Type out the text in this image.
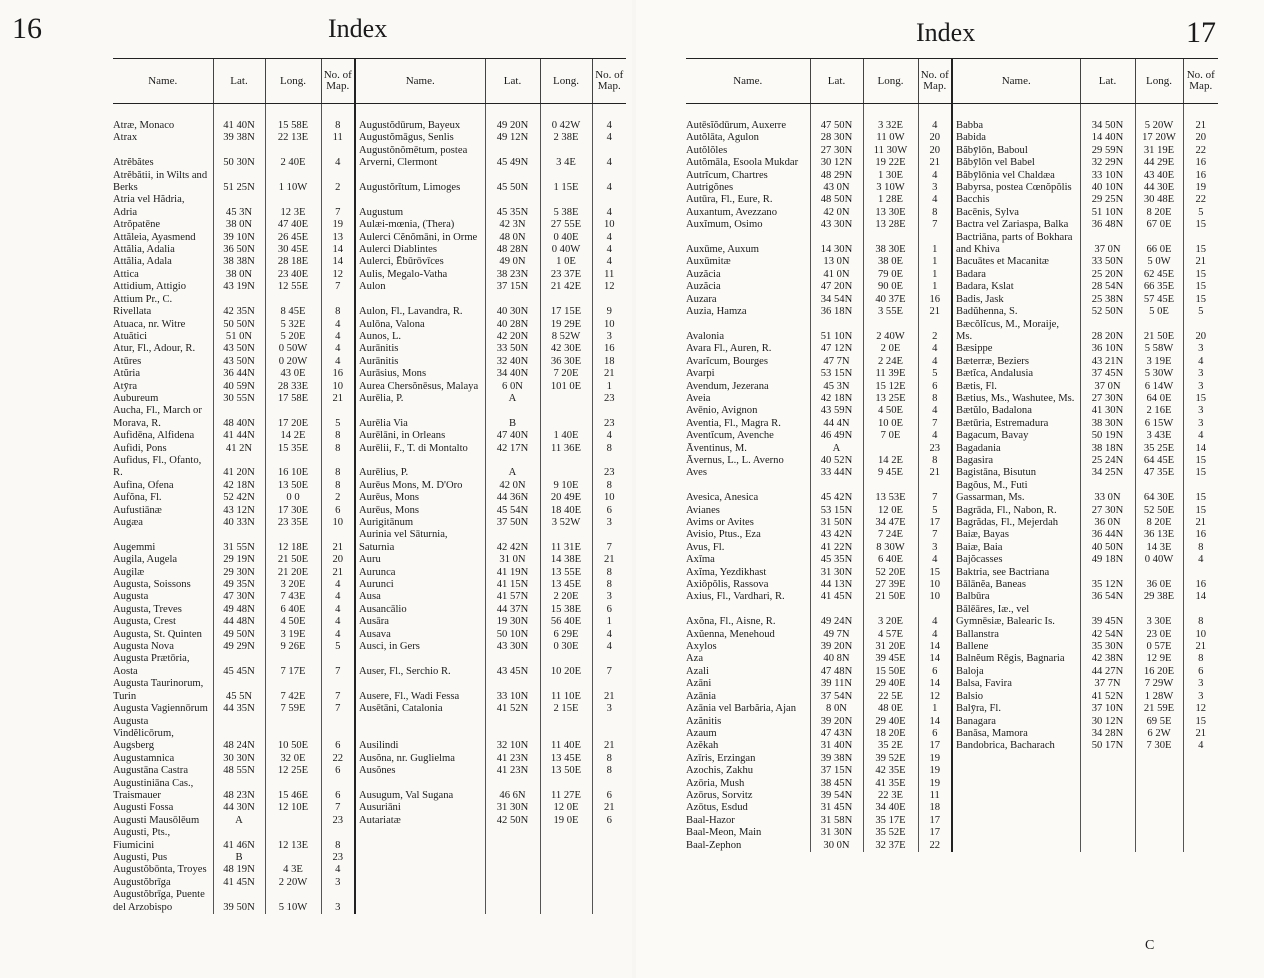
16	Index
Name.	Lat.	Long.	No. of Map.	Name.	Lat.	Long.	No. of Map.

Atræ, Monaco	41 40N	15 58E	8	Augustŏdūrum, Bayeux	49 20N	0 42W	4
Atrax	39 38N	22 13E	11	Augustŏmāgus, Senlis	49 12N	2 38E	4
Atrĕbătes	50 30N	2 40E	4	Augustŏnŏmētum, postea Arverni, Clermont	45 49N	3 4E	4
Atrĕbătii, in Wilts and Berks	51 25N	1 10W	2	Augustŏrĭtum, Limoges	45 50N	1 15E	4
Atria vel Hădria, Adria	45 3N	12 3E	7	Augustum	45 35N	5 38E	4
Atrŏpatēne	38 0N	47 40E	19	Aulæi-mœnia, (Thera)	42 3N	27 55E	10
Attăleia, Ayasmend	39 10N	26 45E	13	Aulerci Cĕnŏmāni, in Orme	48 0N	0 40E	4
Attălia, Adalia	36 50N	30 45E	14	Aulerci Diablintes	48 28N	0 40W	4
Attălia, Adala	38 38N	28 18E	14	Aulerci, Ēbūrōvīces	49 0N	1 0E	4
Attica	38 0N	23 40E	12	Aulis, Megalo-Vatha	38 23N	23 37E	11
Attidium, Attigio	43 19N	12 55E	7	Aulon	37 15N	21 42E	12
Attium Pr., C. Rivellata	42 35N	8 45E	8	Aulon, Fl., Lavandra, R.	40 30N	17 15E	9
Atuaca, nr. Witre	50 50N	5 32E	4	Aulōna, Valona	40 28N	19 29E	10
Atuătici	51 0N	5 20E	4	Aunos, L.	42 20N	8 52W	3
Atur, Fl., Adour, R.	43 50N	0 50W	4	Aurānitis	33 50N	42 30E	16
Atūres	43 50N	0 20W	4	Aurānitis	32 40N	36 30E	18
Atŭria	36 44N	43 0E	16	Aurāsius, Mons	34 40N	7 20E	21
Atȳra	40 59N	28 33E	10	Aurea Chersŏnēsus, Malaya	6 0N	101 0E	1
Aubureum	30 55N	17 58E	21	Aurēlia, P.	A		23
Aucha, Fl., March or Morava, R.	48 40N	17 20E	5	Aurēlia Via	B		23
Aufidēna, Alfidena	41 44N	14 2E	8	Aurēlāni, in Orleans	47 40N	1 40E	4
Aufidi, Pons	41 2N	15 35E	8	Aurēlii, F., T. di Montalto	42 17N	11 36E	8
Aufidus, Fl., Ofanto, R.	41 20N	16 10E	8	Aurēlius, P.	A		23
Aufina, Ofena	42 18N	13 50E	8	Aurēus Mons, M. D'Oro	42 0N	9 10E	8
Aufŏna, Fl.	52 42N	0 0	2	Aurēus, Mons	44 36N	20 49E	10
Aufustiānæ	43 12N	17 30E	6	Aurēus, Mons	45 54N	18 40E	6
Augæa	40 33N	23 35E	10	Aurigitānum	37 50N	3 52W	3
Augemmi	31 55N	12 18E	21	Aurinia vel Sāturnia, Saturnia	42 42N	11 31E	7
Augila, Augela	29 19N	21 50E	20	Auru	31 0N	14 38E	21
Augilæ	29 30N	21 20E	21	Aurunca	41 19N	13 55E	8
Augusta, Soissons	49 35N	3 20E	4	Aurunci	41 15N	13 45E	8
Augusta	47 30N	7 43E	4	Ausa	41 57N	2 20E	3
Augusta, Treves	49 48N	6 40E	4	Ausancālio	44 37N	15 38E	6
Augusta, Crest	44 48N	4 50E	4	Ausāra	19 30N	56 40E	1
Augusta, St. Quinten	49 50N	3 19E	4	Ausava	50 10N	6 29E	4
Augusta Nova	49 29N	9 26E	5	Ausci, in Gers	43 30N	0 30E	4
Augusta Prætōria, Aosta	45 45N	7 17E	7	Auser, Fl., Serchio R.	43 45N	10 20E	7
Augusta Taurinorum, Turin	45 5N	7 42E	7	Ausere, Fl., Wadi Fessa	33 10N	11 10E	21
Augusta Vagiennōrum	44 35N	7 59E	7	Ausētāni, Catalonia	41 52N	2 15E	3
Augusta Vindĕlicōrum, Augsberg	48 24N	10 50E	6	Ausilindi	32 10N	11 40E	21
Augustamnica	30 30N	32 0E	22	Ausŏna, nr. Guglielma	41 23N	13 45E	8
Augustāna Castra	48 55N	12 25E	6	Ausŏnes	41 23N	13 50E	8
Augustiniāna Cas., Traismauer	48 23N	15 46E	6	Ausugum, Val Sugana	46 6N	11 27E	6
Augusti Fossa	44 30N	12 10E	7	Ausuriāni	31 30N	12 0E	21
Augusti Mausōlēum	A		23	Autariatæ	42 50N	19 0E	6
Augusti, Pts., Fiumicini	41 46N	12 13E	8				
Augusti, Pus	B		23				
Augustŏbōnta, Troyes	48 19N	4 3E	4				
Augustŏbrīga	41 45N	2 20W	3				
Augustŏbrīga, Puente del Arzobispo	39 50N	5 10W	3				
Index	17
Name.	Lat.	Long.	No. of Map.	Name.	Lat.	Long.	No. of Map.

Autēsĭŏdūrum, Auxerre	47 50N	3 32E	4	Babba	34 50N	5 20W	21
Autŏlāta, Agulon	28 30N	11 0W	20	Babida	14 40N	17 20W	20
Autŏlŏles	27 30N	11 30W	20	Băbȳlōn, Baboul	29 59N	31 19E	22
Autŏmāla, Esoola Mukdar	30 12N	19 22E	21	Băbȳlōn vel Babel	32 29N	44 29E	16
Autrĭcum, Chartres	48 29N	1 30E	4	Băbȳlōnia vel Chaldæa	33 10N	43 40E	16
Autrigŏnes	43 0N	3 10W	3	Babyrsa, postea Cœnŏpŏlis	40 10N	44 30E	19
Autūra, Fl., Eure, R.	48 50N	1 28E	4	Bacchis	29 25N	30 48E	22
Auxantum, Avezzano	42 0N	13 30E	8	Bacēnis, Sylva	51 10N	8 20E	5
Auxĭmum, Osimo	43 30N	13 28E	7	Bactra vel Zariaspa, Balka	36 48N	67 0E	15
Auxūme, Auxum	14 30N	38 30E	1	Bactriāna, parts of Bokhara and Khiva	37 0N	66 0E	15
Auxūmitæ	13 0N	38 0E	1	Bacuātes et Macanitæ	33 50N	5 0W	21
Auzăcia	41 0N	79 0E	1	Badara	25 20N	62 45E	15
Auzăcia	47 20N	90 0E	1	Badara, Kslat	28 54N	66 35E	15
Auzara	34 54N	40 37E	16	Badis, Jask	25 38N	57 45E	15
Auzia, Hamza	36 18N	3 55E	21	Badŭhenna, S.	52 50N	5 0E	5
Avalonia	51 10N	2 40W	2	Bæcŏlĭcus, M., Moraije, Ms.	28 20N	21 50E	20
Avara Fl., Auren, R.	47 12N	2 0E	4	Bæsippe	36 10N	5 58W	3
Avarĭcum, Bourges	47 7N	2 24E	4	Bæterræ, Beziers	43 21N	3 19E	4
Avarpi	53 15N	11 39E	5	Bætĭca, Andalusia	37 45N	5 30W	3
Avendum, Jezerana	45 3N	15 12E	6	Bætis, Fl.	37 0N	6 14W	3
Aveia	42 18N	13 25E	8	Bætius, Ms., Washutee, Ms.	27 30N	64 0E	15
Avēnio, Avignon	43 59N	4 50E	4	Bætŭlo, Badalona	41 30N	2 16E	3
Aventia, Fl., Magra R.	44 4N	10 0E	7	Bætūria, Estremadura	38 30N	6 15W	3
Aventĭcum, Avenche	46 49N	7 0E	4	Bagacum, Bavay	50 19N	3 43E	4
Āventinus, M.	A		23	Bagadania	38 18N	35 25E	14
Āvernus, L., L. Averno	40 52N	14 2E	8	Bagasira	25 24N	64 45E	15
Aves	33 44N	9 45E	21	Bagistāna, Bisutun	34 25N	47 35E	15
Avesica, Anesica	45 42N	13 53E	7	Bagŏus, M., Futi Gassarman, Ms.	33 0N	64 30E	15
Avianes	53 15N	12 0E	5	Bagrāda, Fl., Nabon, R.	27 30N	52 50E	15
Avims or Avites	31 50N	34 47E	17	Bagrădas, Fl., Mejerdah	36 0N	8 20E	21
Avisio, Ptus., Eza	43 42N	7 24E	7	Baiæ, Bayas	36 44N	36 13E	16
Avus, Fl.	41 22N	8 30W	3	Baiæ, Baia	40 50N	14 3E	8
Axīma	45 35N	6 40E	4	Bajŏcasses	49 18N	0 40W	4
Axĭma, Yezdikhast	31 30N	52 20E	15	Baktria, see Bactriana			
Axiŏpŏlis, Rassova	44 13N	27 39E	10	Bālānĕa, Baneas	35 12N	36 0E	16
Axius, Fl., Vardhari, R.	41 45N	21 50E	10	Balbūra	36 54N	29 38E	14
Axŏna, Fl., Aisne, R.	49 24N	3 20E	4	Bālēāres, Iæ., vel Gymnēsiæ, Balearic Is.	39 45N	3 30E	8
Axŭenna, Menehoud	49 7N	4 57E	4	Ballanstra	42 54N	23 0E	10
Axylos	39 20N	31 20E	14	Ballene	35 30N	0 57E	21
Aza	40 8N	39 45E	14	Balnĕum Rēgis, Bagnaria	42 38N	12 9E	8
Azali	47 48N	15 50E	6	Baloja	44 27N	16 20E	6
Azāni	39 11N	29 40E	14	Balsa, Favira	37 7N	7 29W	3
Azānia	37 54N	22 5E	12	Balsio	41 52N	1 28W	3
Azānia vel Barbăria, Ajan	8 0N	48 0E	1	Balȳra, Fl.	37 10N	21 59E	12
Azănitis	39 20N	29 40E	14	Banagara	30 12N	69 5E	15
Azaum	47 43N	18 20E	6	Banāsa, Mamora	34 28N	6 2W	21
Azĕkah	31 40N	35 2E	17	Bandobrica, Bacharach	50 17N	7 30E	4
Azīris, Erzingan	39 38N	39 52E	19				
Azochis, Zakhu	37 15N	42 35E	19				
Azōria, Mush	38 45N	41 35E	19				
Azōrus, Sorvitz	39 54N	22 3E	11				
Azōtus, Esdud	31 45N	34 40E	18				
Baal-Hazor	31 58N	35 17E	17				
Baal-Meon, Main	31 30N	35 52E	17				
Baal-Zephon	30 0N	32 37E	22				
C
